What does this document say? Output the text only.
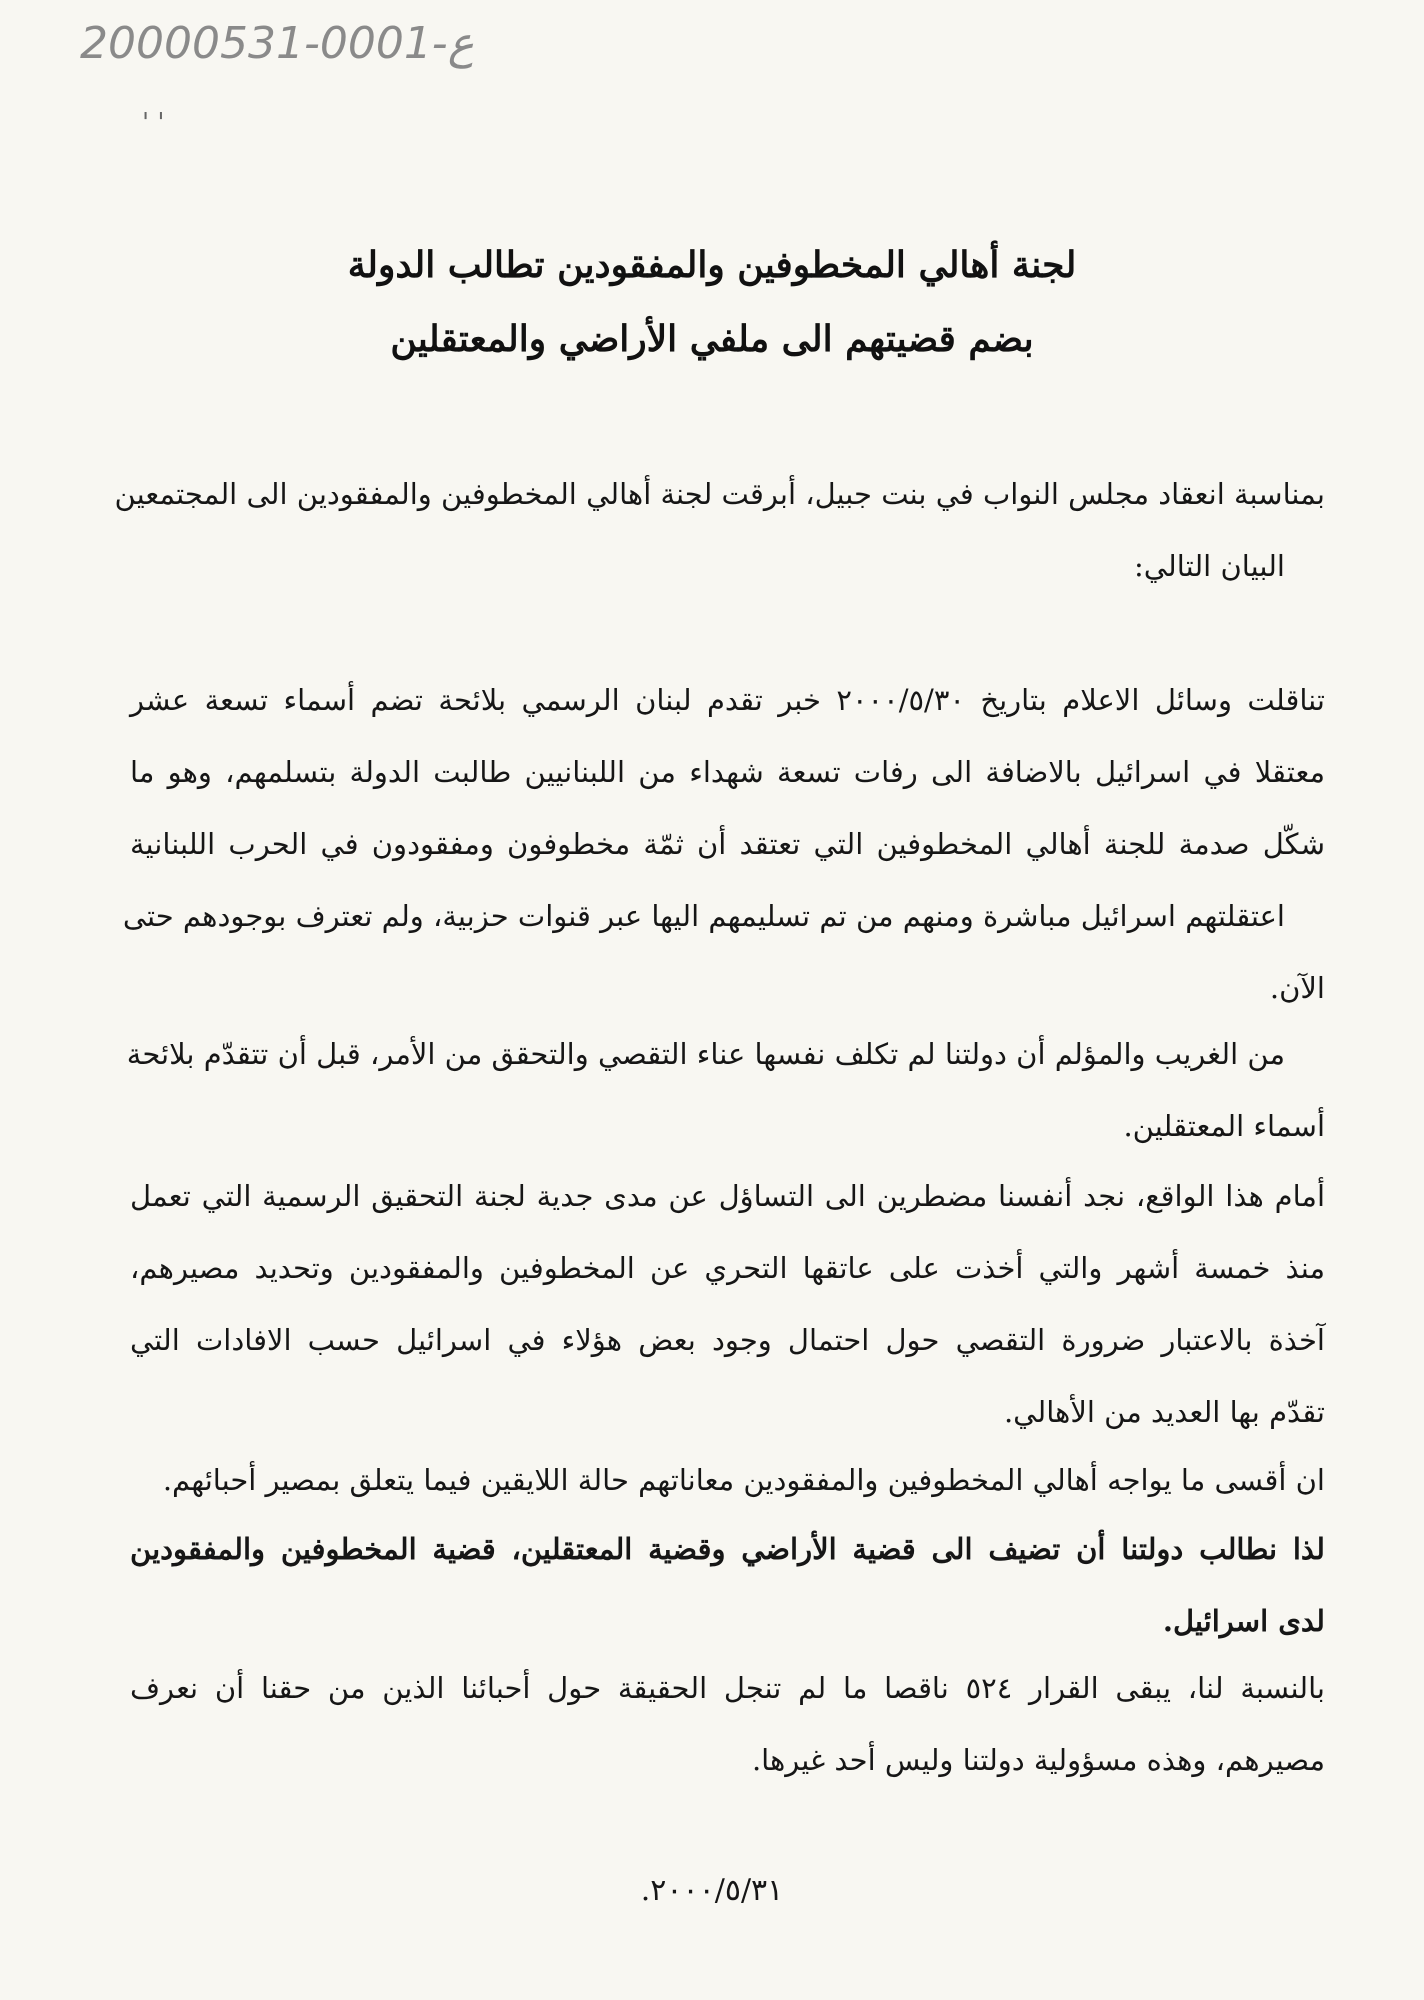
20000531-0001-ع
' '
لجنة أهالي المخطوفين والمفقودين تطالب الدولة
بضم قضيتهم الى ملفي الأراضي والمعتقلين
بمناسبة انعقاد مجلس النواب في بنت جبيل، أبرقت لجنة أهالي المخطوفين والمفقودين الى المجتمعين
البيان التالي:
تناقلت وسائل الاعلام بتاريخ ٢٠٠٠/٥/٣٠ خبر تقدم لبنان الرسمي بلائحة تضم أسماء تسعة عشر
معتقلا في اسرائيل بالاضافة الى رفات تسعة شهداء من اللبنانيين طالبت الدولة بتسلمهم، وهو ما
شكّل صدمة للجنة أهالي المخطوفين التي تعتقد أن ثمّة مخطوفون ومفقودون في الحرب اللبنانية
اعتقلتهم اسرائيل مباشرة ومنهم من تم تسليمهم اليها عبر قنوات حزبية، ولم تعترف بوجودهم حتى
الآن.
من الغريب والمؤلم أن دولتنا لم تكلف نفسها عناء التقصي والتحقق من الأمر، قبل أن تتقدّم بلائحة
أسماء المعتقلين.
أمام هذا الواقع، نجد أنفسنا مضطرين الى التساؤل عن مدى جدية لجنة التحقيق الرسمية التي تعمل
منذ خمسة أشهر والتي أخذت على عاتقها التحري عن المخطوفين والمفقودين وتحديد مصيرهم،
آخذة بالاعتبار ضرورة التقصي حول احتمال وجود بعض هؤلاء في اسرائيل حسب الافادات التي
تقدّم بها العديد من الأهالي.
ان أقسى ما يواجه أهالي المخطوفين والمفقودين معاناتهم حالة اللايقين فيما يتعلق بمصير أحبائهم.
لذا نطالب دولتنا أن تضيف الى قضية الأراضي وقضية المعتقلين، قضية المخطوفين والمفقودين
لدى اسرائيل.
بالنسبة لنا، يبقى القرار ٥٢٤ ناقصا ما لم تنجل الحقيقة حول أحبائنا الذين من حقنا أن نعرف
مصيرهم، وهذه مسؤولية دولتنا وليس أحد غيرها.
٢٠٠٠/٥/٣١.
